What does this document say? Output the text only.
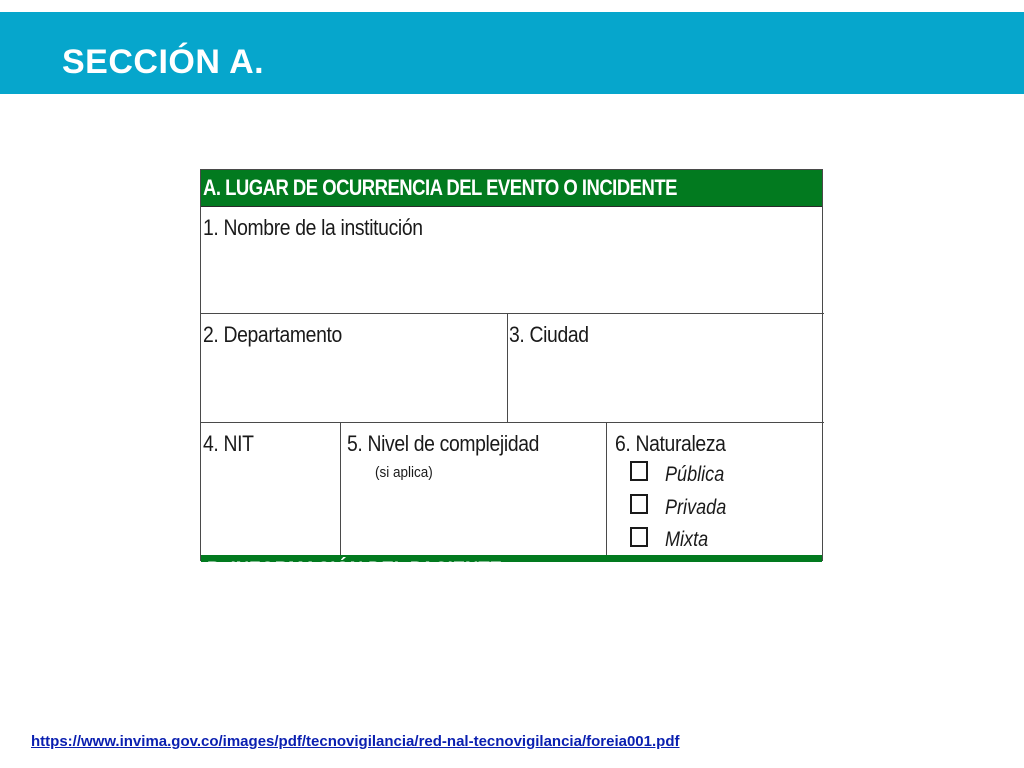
SECCIÓN A.
A. LUGAR DE OCURRENCIA DEL EVENTO O INCIDENTE
1. Nombre de la institución
2. Departamento	3. Ciudad
4. NIT	5. Nivel de complejidad
(si aplica)
6. Naturaleza
Pública
Privada
Mixta
B. INFORMACIÓN DEL PACIENTE
https://www.invima.gov.co/images/pdf/tecnovigilancia/red-nal-tecnovigilancia/foreia001.pdf
